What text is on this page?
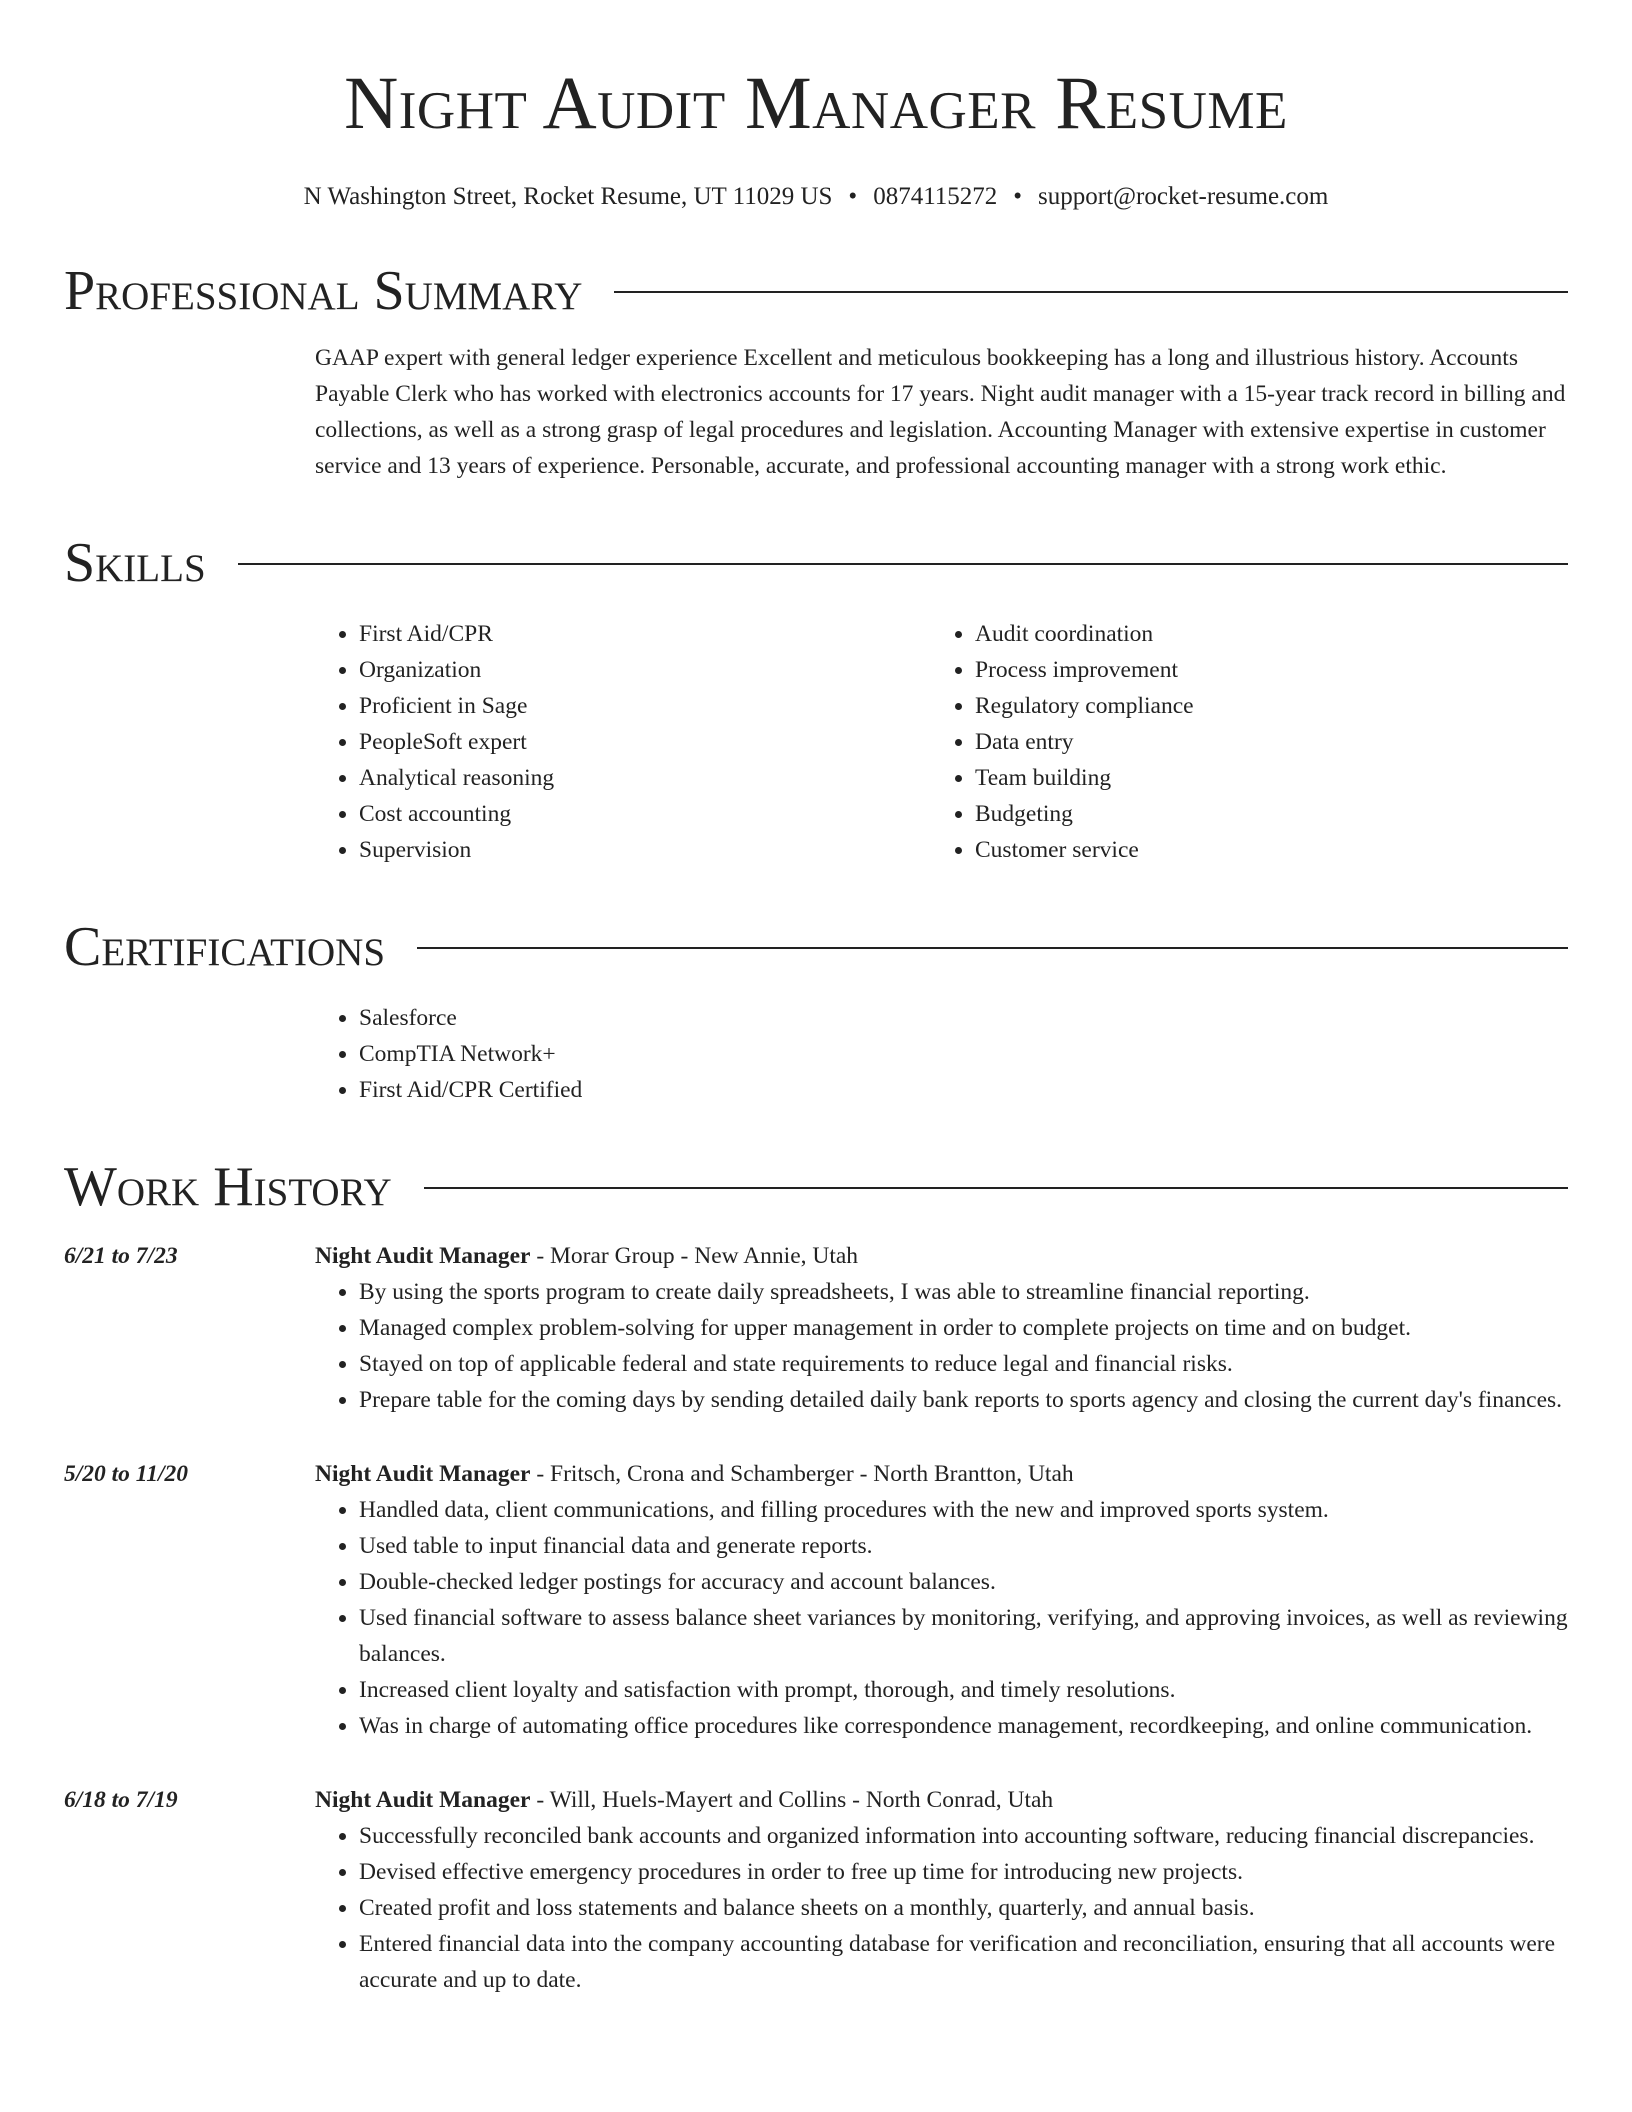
Night Audit Manager Resume
N Washington Street, Rocket Resume, UT 11029 US • 0874115272 • support@rocket-resume.com
Professional Summary

GAAP expert with general ledger experience Excellent and meticulous bookkeeping has a long and illustrious history. Accounts Payable Clerk who has worked with electronics accounts for 17 years. Night audit manager with a 15-year track record in billing and collections, as well as a strong grasp of legal procedures and legislation. Accounting Manager with extensive expertise in customer service and 13 years of experience. Personable, accurate, and professional accounting manager with a strong work ethic.

Skills
• First Aid/CPR
• Organization
• Proficient in Sage
• PeopleSoft expert
• Analytical reasoning
• Cost accounting
• Supervision
• Audit coordination
• Process improvement
• Regulatory compliance
• Data entry
• Team building
• Budgeting
• Customer service
Certifications
• Salesforce
• CompTIA Network+
• First Aid/CPR Certified
Work History
6/21 to 7/23	Night Audit Manager - Morar Group - New Annie, Utah
• By using the sports program to create daily spreadsheets, I was able to streamline financial reporting.
• Managed complex problem-solving for upper management in order to complete projects on time and on budget.
• Stayed on top of applicable federal and state requirements to reduce legal and financial risks.
• Prepare table for the coming days by sending detailed daily bank reports to sports agency and closing the current day's finances.
5/20 to 11/20	Night Audit Manager - Fritsch, Crona and Schamberger - North Brantton, Utah
• Handled data, client communications, and filling procedures with the new and improved sports system.
• Used table to input financial data and generate reports.
• Double-checked ledger postings for accuracy and account balances.
• Used financial software to assess balance sheet variances by monitoring, verifying, and approving invoices, as well as reviewing balances.
• Increased client loyalty and satisfaction with prompt, thorough, and timely resolutions.
• Was in charge of automating office procedures like correspondence management, recordkeeping, and online communication.
6/18 to 7/19	Night Audit Manager - Will, Huels-Mayert and Collins - North Conrad, Utah
• Successfully reconciled bank accounts and organized information into accounting software, reducing financial discrepancies.
• Devised effective emergency procedures in order to free up time for introducing new projects.
• Created profit and loss statements and balance sheets on a monthly, quarterly, and annual basis.
• Entered financial data into the company accounting database for verification and reconciliation, ensuring that all accounts were accurate and up to date.
